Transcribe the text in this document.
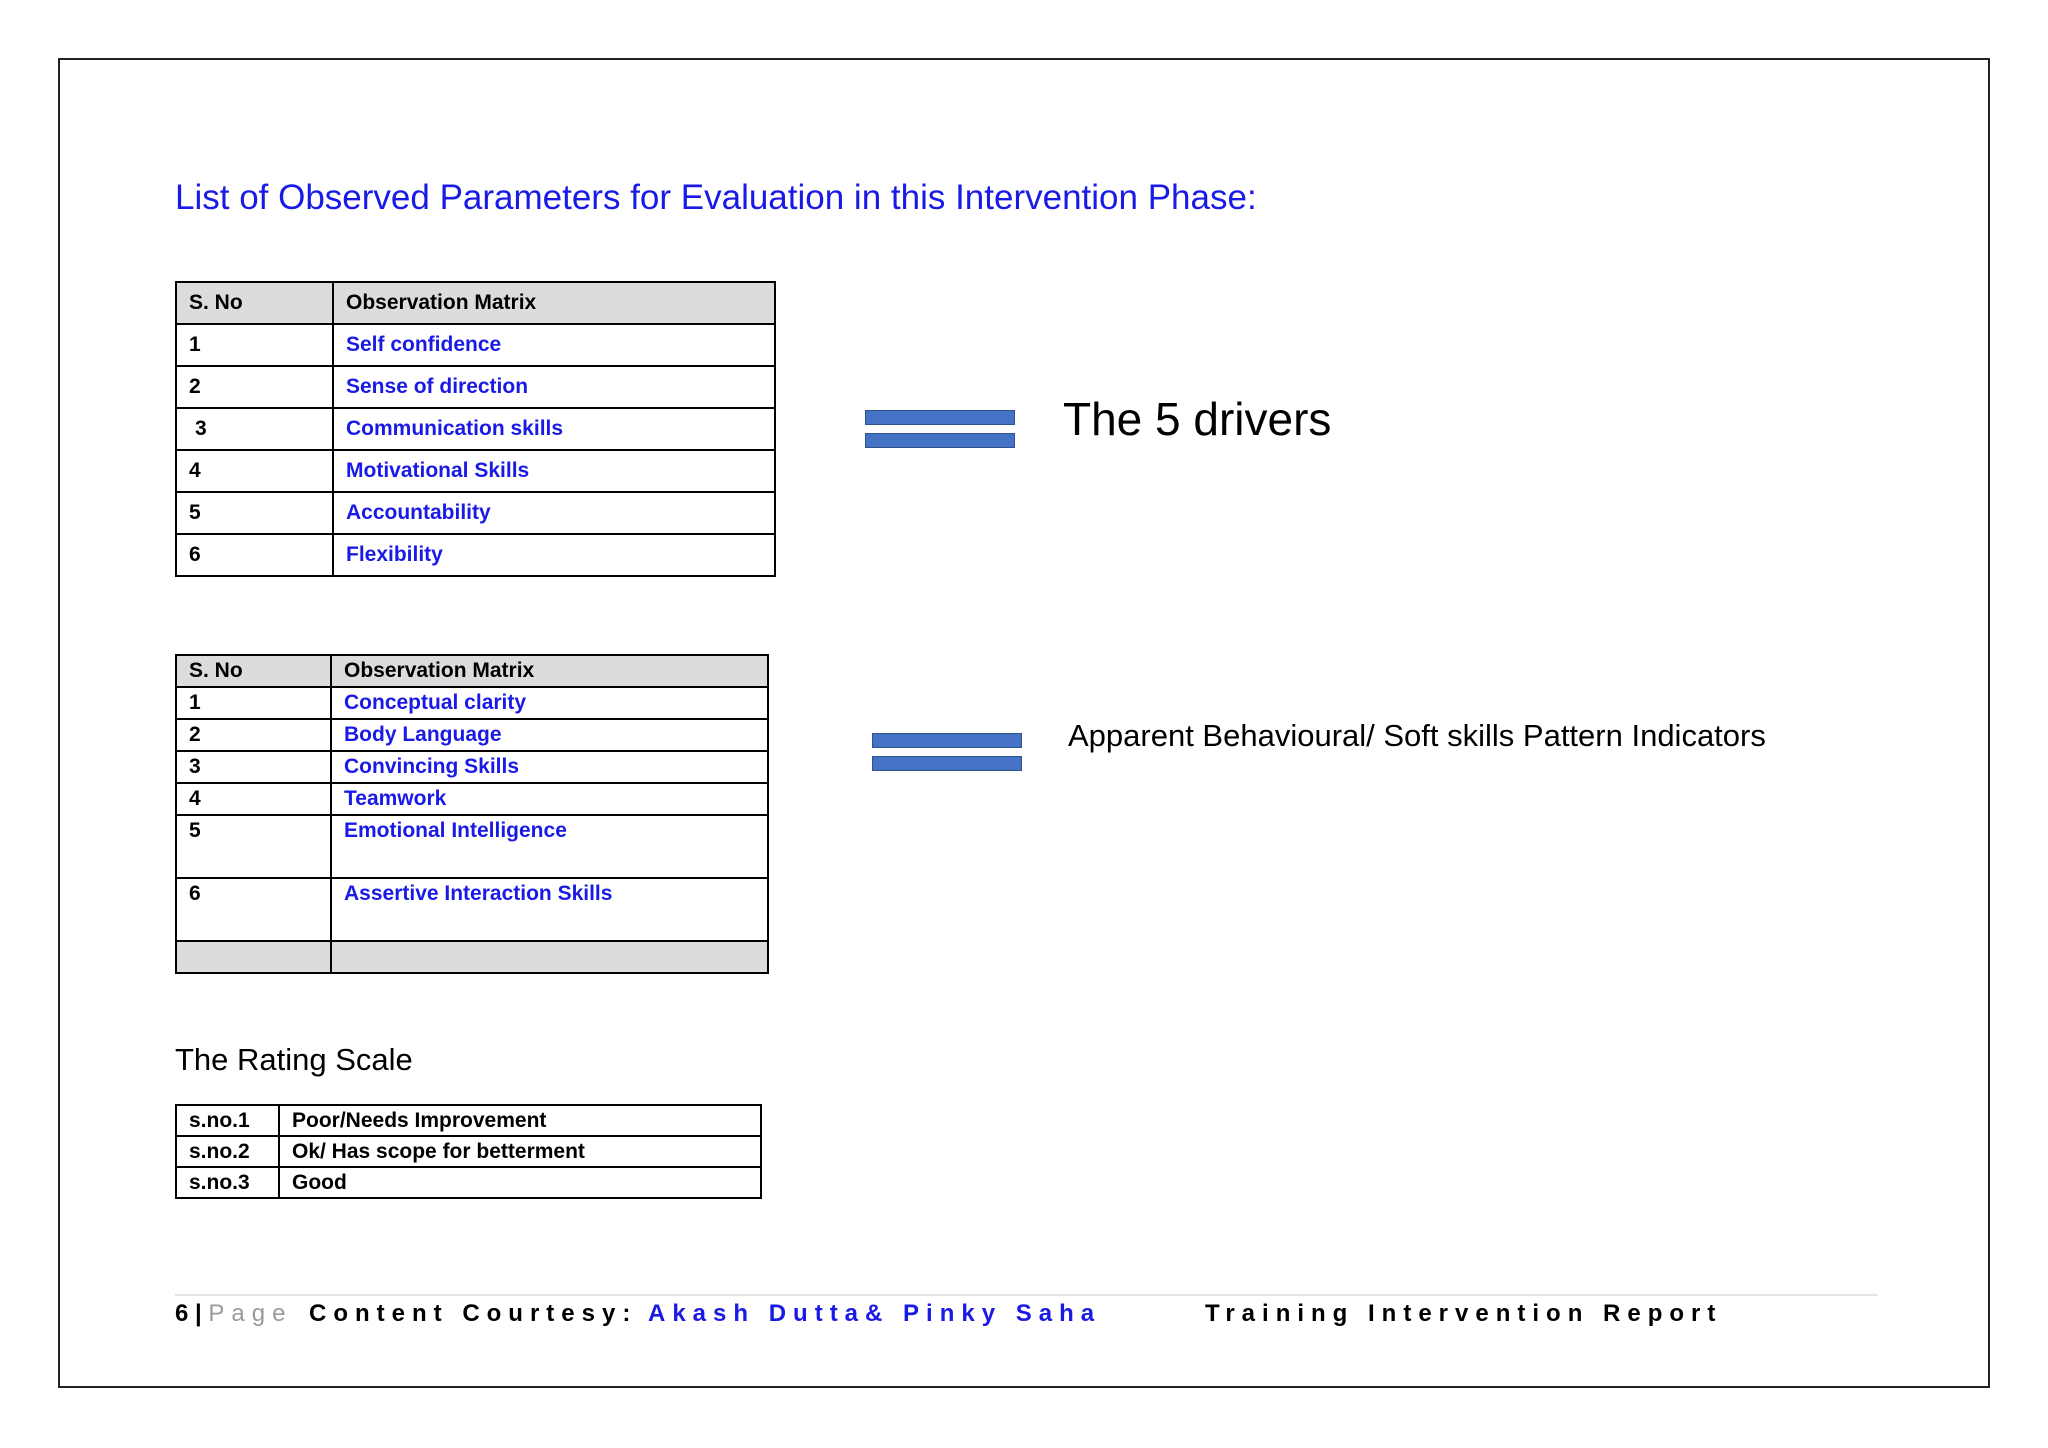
List of Observed Parameters for Evaluation in this Intervention Phase:
S. No	Observation Matrix
1	Self confidence
2	Sense of direction
3	Communication skills
4	Motivational Skills
5	Accountability
6	Flexibility
The 5 drivers
S. No	Observation Matrix
1	Conceptual clarity
2	Body Language
3	Convincing Skills
4	Teamwork
5	Emotional Intelligence
6	Assertive Interaction Skills

Apparent Behavioural/ Soft skills Pattern Indicators
The Rating Scale
s.no.1	Poor/Needs Improvement
s.no.2	Ok/ Has scope for betterment
s.no.3	Good
6 | Page Content Courtesy: Akash Dutta& Pinky Saha	Training Intervention Report
